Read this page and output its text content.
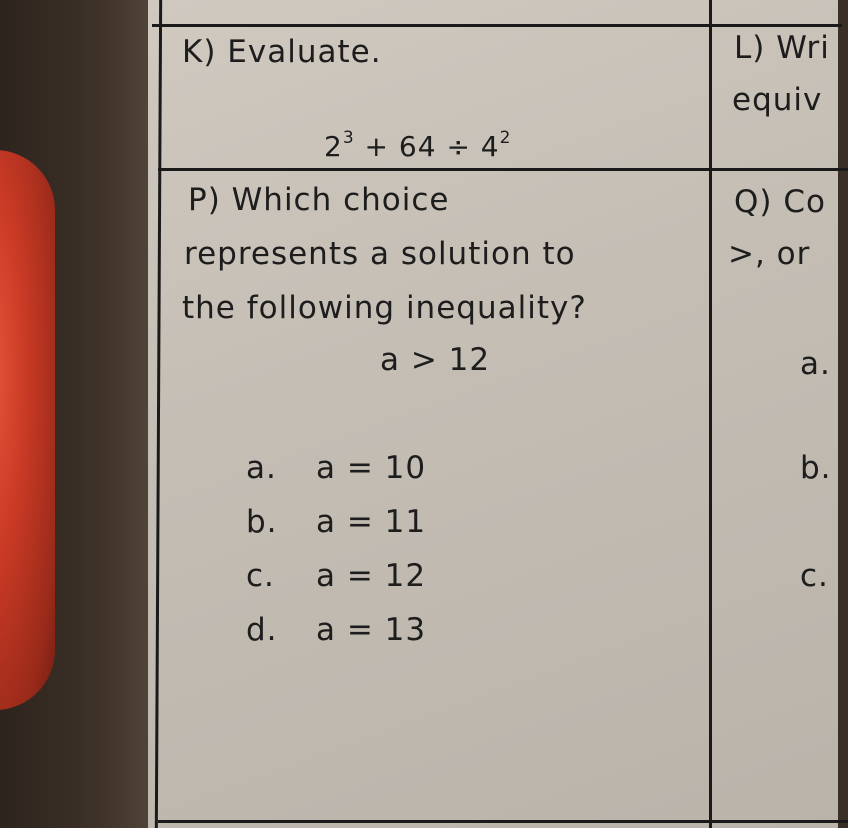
K) Evaluate.
$2^3 + 64 \div 4^2$
L) Wri
equiv
P) Which choice
represents a solution to
the following inequality?
a > 12
a. a = 10
b. a = 11
c. a = 12
d. a = 13
Q) Co
>, or
a.
b.
c.
